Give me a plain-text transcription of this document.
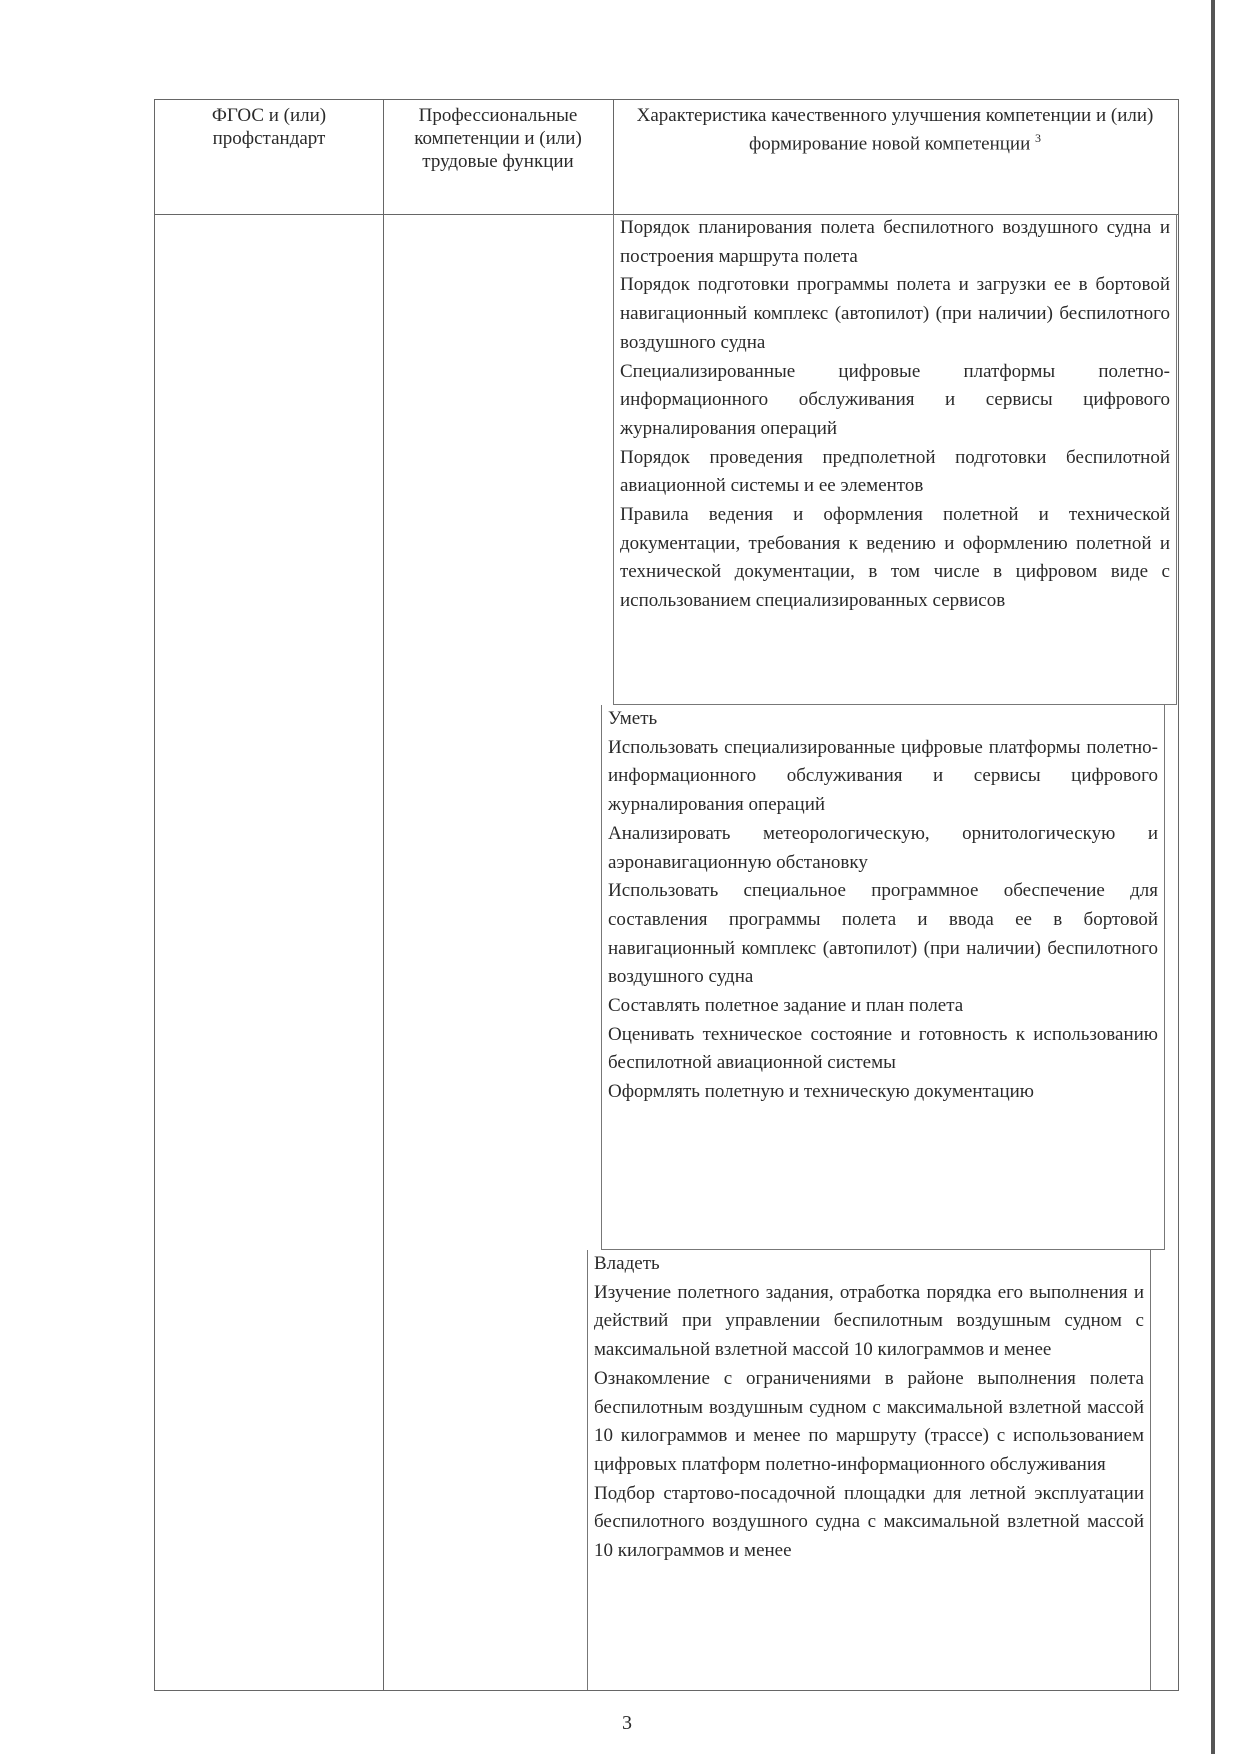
ФГОС и (или) профстандарт
Профессиональные компетенции и (или) трудовые функции
Характеристика качественного улучшения компетенции и (или) формирование новой компетенции $^3$

Порядок планирования полета беспилотного воздушного судна и построения маршрута полета

Порядок подготовки программы полета и загрузки ее в бортовой навигационный комплекс (автопилот) (при наличии) беспилотного воздушного судна

Специализированные цифровые платформы полетно-информационного обслуживания и сервисы цифрового журналирования операций

Порядок проведения предполетной подготовки беспилотной авиационной системы и ее элементов

Правила ведения и оформления полетной и технической документации, требования к ведению и оформлению полетной и технической документации, в том числе в цифровом виде с использованием специализированных сервисов

Уметь

Использовать специализированные цифровые платформы полетно-информационного обслуживания и сервисы цифрового журналирования операций

Анализировать метеорологическую, орнитологическую и аэронавигационную обстановку

Использовать специальное программное обеспечение для составления программы полета и ввода ее в бортовой навигационный комплекс (автопилот) (при наличии) беспилотного воздушного судна

Составлять полетное задание и план полета

Оценивать техническое состояние и готовность к использованию беспилотной авиационной системы

Оформлять полетную и техническую документацию

Владеть

Изучение полетного задания, отработка порядка его выполнения и действий при управлении беспилотным воздушным судном с максимальной взлетной массой 10 килограммов и менее

Ознакомление с ограничениями в районе выполнения полета беспилотным воздушным судном с максимальной взлетной массой 10 килограммов и менее по маршруту (трассе) с использованием цифровых платформ полетно-информационного обслуживания

Подбор стартово-посадочной площадки для летной эксплуатации беспилотного воздушного судна с максимальной взлетной массой 10 килограммов и менее

3
